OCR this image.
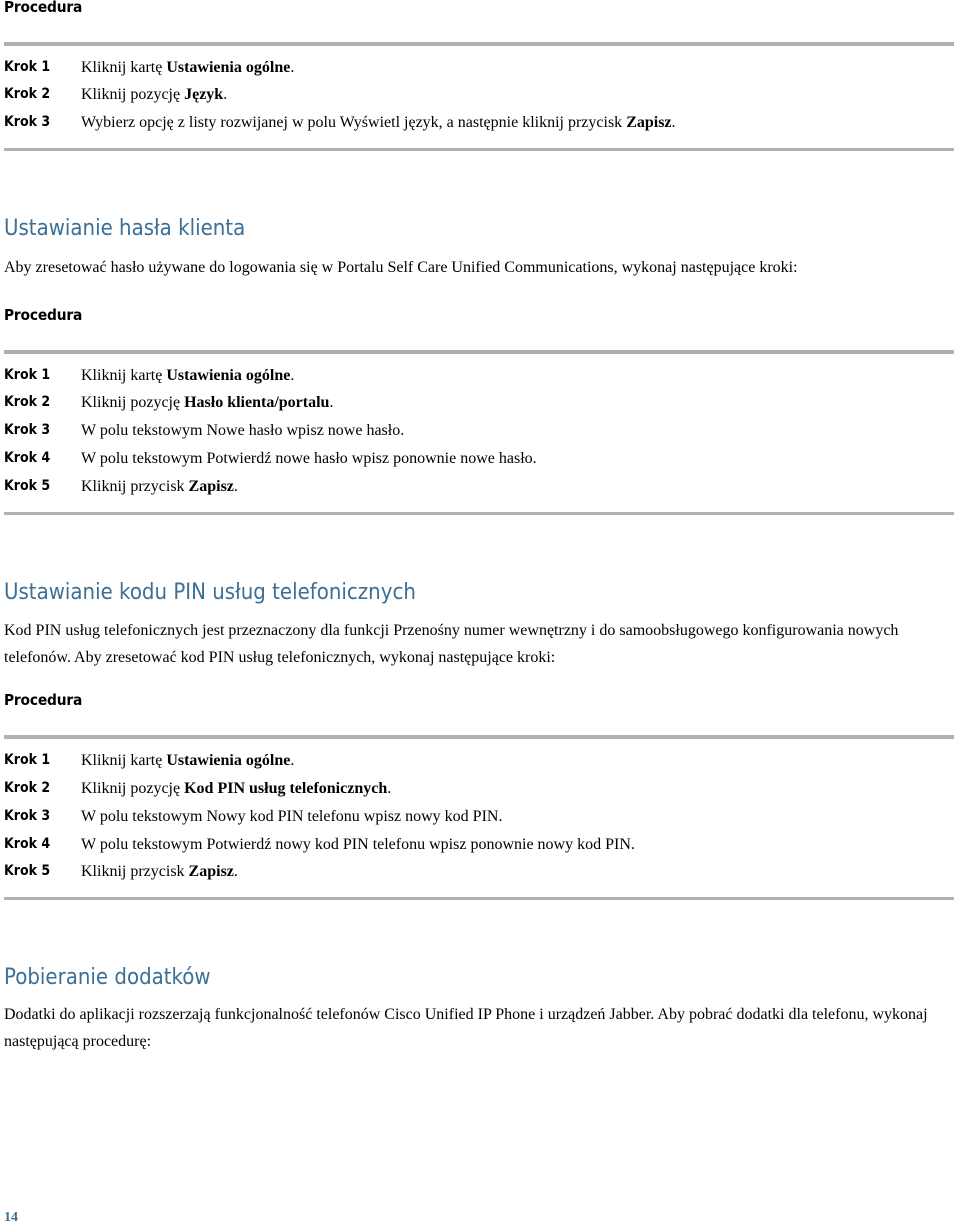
Procedura
Krok 1 Kliknij kartę Ustawienia ogólne.
Krok 2 Kliknij pozycję Język.
Krok 3 Wybierz opcję z listy rozwijanej w polu Wyświetl język, a następnie kliknij przycisk Zapisz.
Ustawianie hasła klienta
Aby zresetować hasło używane do logowania się w Portalu Self Care Unified Communications, wykonaj następujące kroki:
Procedura
Krok 1 Kliknij kartę Ustawienia ogólne.
Krok 2 Kliknij pozycję Hasło klienta/portalu.
Krok 3 W polu tekstowym Nowe hasło wpisz nowe hasło.
Krok 4 W polu tekstowym Potwierdź nowe hasło wpisz ponownie nowe hasło.
Krok 5 Kliknij przycisk Zapisz.
Ustawianie kodu PIN usług telefonicznych
Kod PIN usług telefonicznych jest przeznaczony dla funkcji Przenośny numer wewnętrzny i do samoobsługowego konfigurowania nowych telefonów. Aby zresetować kod PIN usług telefonicznych, wykonaj następujące kroki:
Procedura
Krok 1 Kliknij kartę Ustawienia ogólne.
Krok 2 Kliknij pozycję Kod PIN usług telefonicznych.
Krok 3 W polu tekstowym Nowy kod PIN telefonu wpisz nowy kod PIN.
Krok 4 W polu tekstowym Potwierdź nowy kod PIN telefonu wpisz ponownie nowy kod PIN.
Krok 5 Kliknij przycisk Zapisz.
Pobieranie dodatków
Dodatki do aplikacji rozszerzają funkcjonalność telefonów Cisco Unified IP Phone i urządzeń Jabber. Aby pobrać dodatki dla telefonu, wykonaj następującą procedurę:
14
